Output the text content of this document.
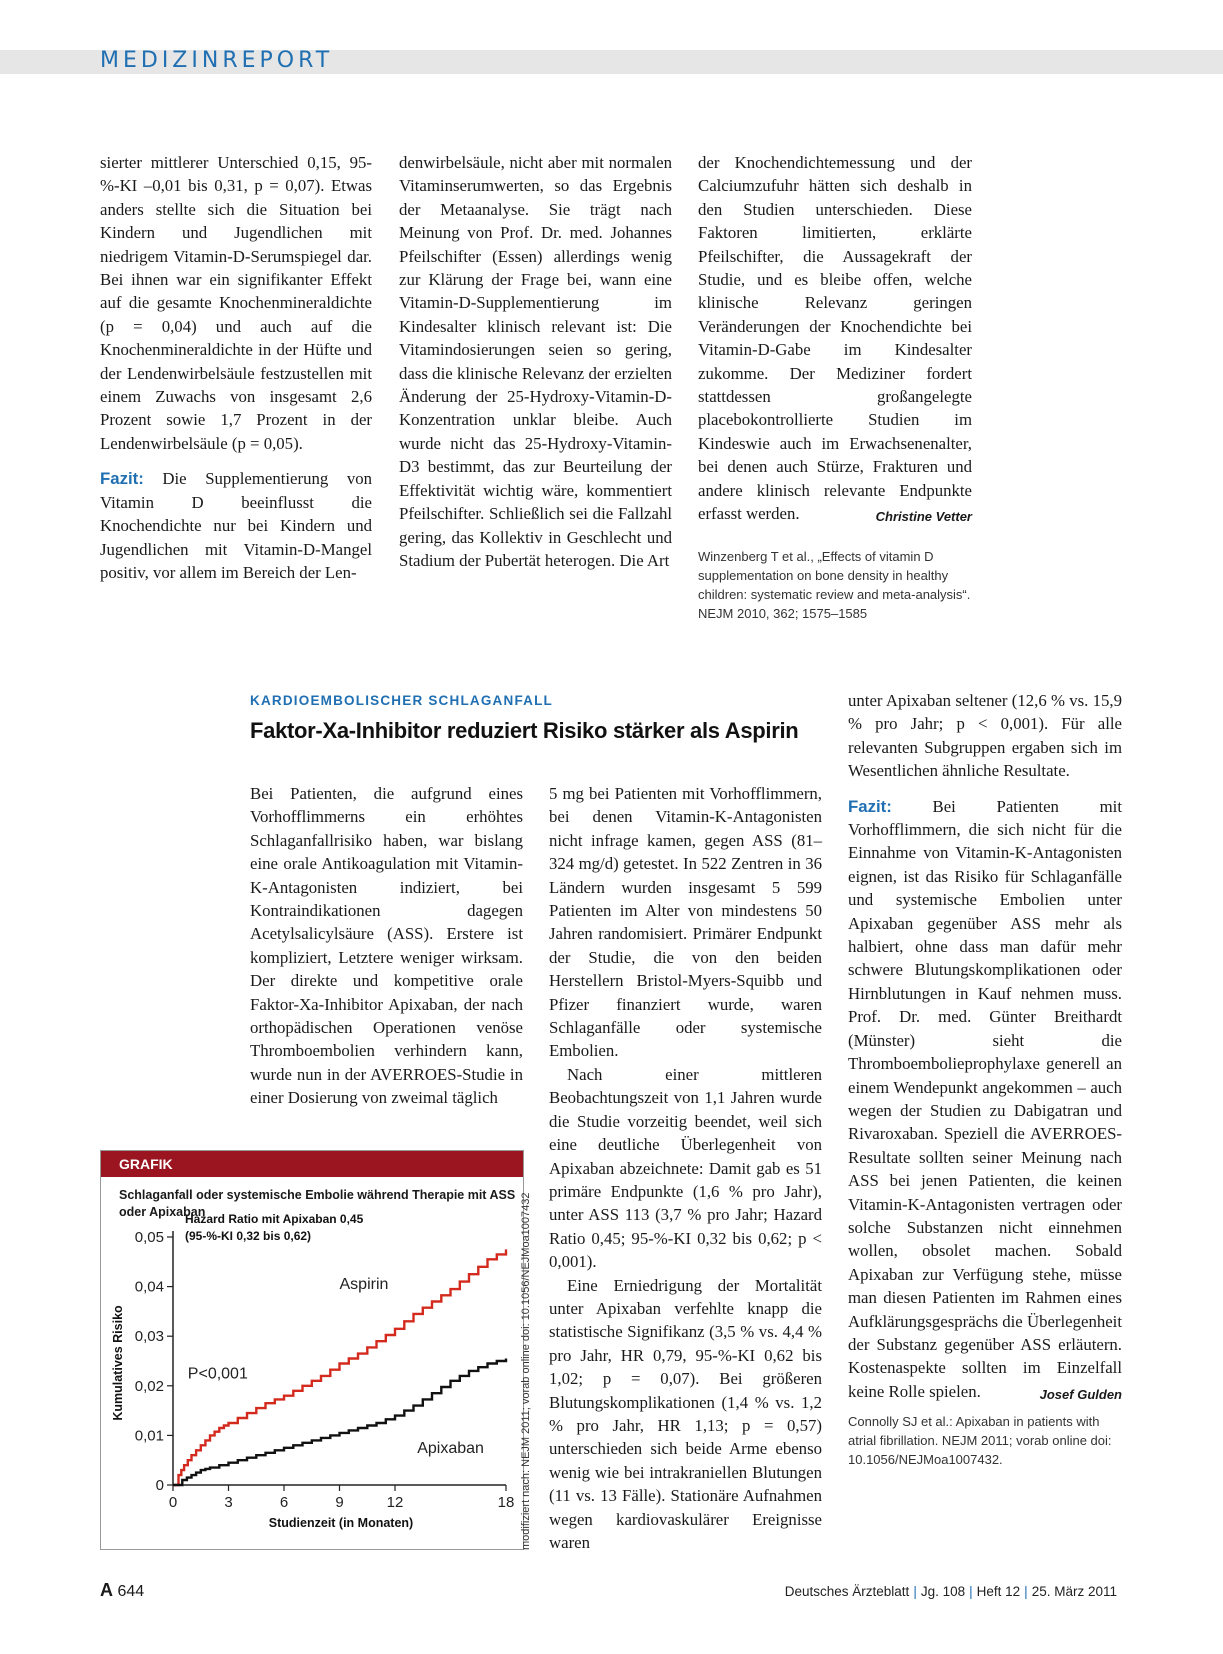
MEDIZINREPORT

sierter mittlerer Unterschied 0,15, 95-%-KI –0,01 bis 0,31, p = 0,07). Etwas anders stellte sich die Situation bei Kindern und Jugendlichen mit niedrigem Vitamin-D-Serumspiegel dar. Bei ihnen war ein signifikanter Effekt auf die gesamte Knochenmineraldichte (p = 0,04) und auch auf die Knochenmineraldichte in der Hüfte und der Lendenwirbelsäule festzustellen mit einem Zuwachs von insgesamt 2,6 Prozent sowie 1,7 Prozent in der Lendenwirbelsäule (p = 0,05).

Fazit: Die Supplementierung von Vitamin D beeinflusst die Knochendichte nur bei Kindern und Jugendlichen mit Vitamin-D-Mangel positiv, vor allem im Bereich der Len-

denwirbelsäule, nicht aber mit normalen Vitaminserumwerten, so das Ergebnis der Metaanalyse. Sie trägt nach Meinung von Prof. Dr. med. Johannes Pfeilschifter (Essen) allerdings wenig zur Klärung der Frage bei, wann eine Vitamin-D-Supplementierung im Kindesalter klinisch relevant ist: Die Vitamindosierungen seien so gering, dass die klinische Relevanz der erzielten Änderung der 25-Hydroxy-Vitamin-D-Konzentration unklar bleibe. Auch wurde nicht das 25-Hydroxy-Vitamin-D3 bestimmt, das zur Beurteilung der Effektivität wichtig wäre, kommentiert Pfeilschifter. Schließlich sei die Fallzahl gering, das Kollektiv in Geschlecht und Stadium der Pubertät heterogen. Die Art

der Knochendichtemessung und der Calciumzufuhr hätten sich deshalb in den Studien unterschieden. Diese Faktoren limitierten, erklärte Pfeilschifter, die Aussagekraft der Studie, und es bleibe offen, welche klinische Relevanz geringen Veränderungen der Knochendichte bei Vitamin-D-Gabe im Kindesalter zukomme. Der Mediziner fordert stattdessen großangelegte placebokontrollierte Studien im Kindeswie auch im Erwachsenenalter, bei denen auch Stürze, Frakturen und andere klinisch relevante Endpunkte erfasst werden.	Christine Vetter

Winzenberg T et al., „Effects of vitamin D supplementation on bone density in healthy children: systematic review and meta-analysis“. NEJM 2010, 362; 1575–1585

KARDIOEMBOLISCHER SCHLAGANFALL
Faktor-Xa-Inhibitor reduziert Risiko stärker als Aspirin

Bei Patienten, die aufgrund eines Vorhofflimmerns ein erhöhtes Schlaganfallrisiko haben, war bislang eine orale Antikoagulation mit Vitamin-K-Antagonisten indiziert, bei Kontraindikationen dagegen Acetylsalicylsäure (ASS). Erstere ist kompliziert, Letztere weniger wirksam. Der direkte und kompetitive orale Faktor-Xa-Inhibitor Apixaban, der nach orthopädischen Operationen venöse Thromboembolien verhindern kann, wurde nun in der AVERROES-Studie in einer Dosierung von zweimal täglich

5 mg bei Patienten mit Vorhofflimmern, bei denen Vitamin-K-Antagonisten nicht infrage kamen, gegen ASS (81–324 mg/d) getestet. In 522 Zentren in 36 Ländern wurden insgesamt 5 599 Patienten im Alter von mindestens 50 Jahren randomisiert. Primärer Endpunkt der Studie, die von den beiden Herstellern Bristol-Myers-Squibb und Pfizer finanziert wurde, waren Schlaganfälle oder systemische Embolien.

Nach einer mittleren Beobachtungszeit von 1,1 Jahren wurde die Studie vorzeitig beendet, weil sich eine deutliche Überlegenheit von Apixaban abzeichnete: Damit gab es 51 primäre Endpunkte (1,6 % pro Jahr), unter ASS 113 (3,7 % pro Jahr; Hazard Ratio 0,45; 95-%-KI 0,32 bis 0,62; p < 0,001).

Eine Erniedrigung der Mortalität unter Apixaban verfehlte knapp die statistische Signifikanz (3,5 % vs. 4,4 % pro Jahr, HR 0,79, 95-%-KI 0,62 bis 1,02; p = 0,07). Bei größeren Blutungskomplikationen (1,4 % vs. 1,2 % pro Jahr, HR 1,13; p = 0,57) unterschieden sich beide Arme ebenso wenig wie bei intrakraniellen Blutungen (11 vs. 13 Fälle). Stationäre Aufnahmen wegen kardiovaskulärer Ereignisse waren

unter Apixaban seltener (12,6 % vs. 15,9 % pro Jahr; p < 0,001). Für alle relevanten Subgruppen ergaben sich im Wesentlichen ähnliche Resultate.

Fazit: Bei Patienten mit Vorhofflimmern, die sich nicht für die Einnahme von Vitamin-K-Antagonisten eignen, ist das Risiko für Schlaganfälle und systemische Embolien unter Apixaban gegenüber ASS mehr als halbiert, ohne dass man dafür mehr schwere Blutungskomplikationen oder Hirnblutungen in Kauf nehmen muss. Prof. Dr. med. Günter Breithardt (Münster) sieht die Thromboembolieprophylaxe generell an einem Wendepunkt angekommen – auch wegen der Studien zu Dabigatran und Rivaroxaban. Speziell die AVERROES-Resultate sollten seiner Meinung nach ASS bei jenen Patienten, die keinen Vitamin-K-Antagonisten vertragen oder solche Substanzen nicht einnehmen wollen, obsolet machen. Sobald Apixaban zur Verfügung stehe, müsse man diesen Patienten im Rahmen eines Aufklärungsgesprächs die Überlegenheit der Substanz gegenüber ASS erläutern. Kostenaspekte sollten im Einzelfall keine Rolle spielen.	Josef Gulden

Connolly SJ et al.: Apixaban in patients with atrial fibrillation. NEJM 2011; vorab online doi: 10.1056/NEJMoa1007432.

GRAFIK
Schlaganfall oder systemische Embolie während Therapie mit ASS oder Apixaban
0
0,01
0,02
0,03
0,04
0,05
0	3	6	9	12	18
Studienzeit (in Monaten)
Kumulatives Risiko
Aspirin
Apixaban
Hazard Ratio mit Apixaban 0,45
(95-%-KI 0,32 bis 0,62)
P<0,001	modifiziert nach: NEJM 2011; vorab online doi: 10.1056/NEJMoa1007432
A 644	Deutsches Ärzteblatt | Jg. 108 | Heft 12 | 25. März 2011
